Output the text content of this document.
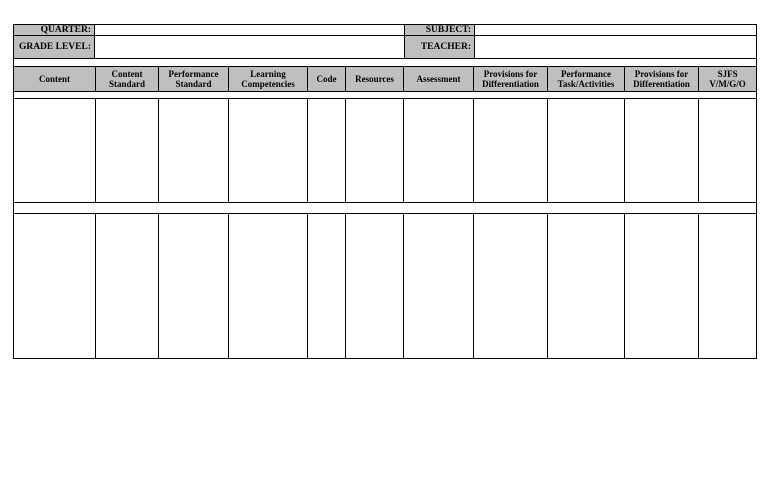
QUARTER:		SUBJECT:	
GRADE LEVEL:		TEACHER:	

Content	Content Standard	Performance Standard	Learning Competencies	Code	Resources	Assessment	Provisions for Differentiation	Performance Task/Activities	Provisions for Differentiation	SJFS V/M/G/O
